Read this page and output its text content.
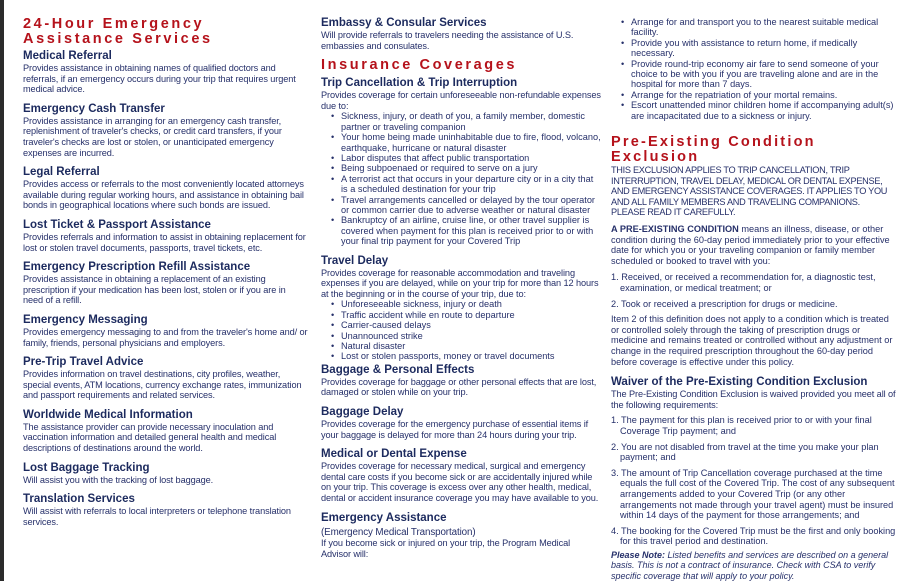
24-Hour Emergency
Assistance Services
Medical Referral
Provides assistance in obtaining names of qualified doctors and referrals, if an emergency occurs during your trip that requires urgent medical advice.
Emergency Cash Transfer
Provides assistance in arranging for an emergency cash transfer, replenishment of traveler's checks, or credit card transfers, if your traveler's checks are lost or stolen, or unanticipated emergency expenses are incurred.
Legal Referral
Provides access or referrals to the most conveniently located attorneys available during regular working hours, and assistance in obtaining bail bonds in geographical locations where such bonds are issued.
Lost Ticket & Passport Assistance
Provides referrals and information to assist in obtaining replacement for lost or stolen travel documents, passports, travel tickets, etc.
Emergency Prescription Refill Assistance
Provides assistance in obtaining a replacement of an existing prescription if your medication has been lost, stolen or if you are in need of a refill.
Emergency Messaging
Provides emergency messaging to and from the traveler's home and/ or family, friends, personal physicians and employers.
Pre-Trip Travel Advice
Provides information on travel destinations, city profiles, weather, special events, ATM locations, currency exchange rates, immunization and passport requirements and related services.
Worldwide Medical Information
The assistance provider can provide necessary inoculation and vaccination information and detailed general health and medical descriptions of destinations around the world.
Lost Baggage Tracking
Will assist you with the tracking of lost baggage.
Translation Services
Will assist with referrals to local interpreters or telephone translation services.
Embassy & Consular Services
Will provide referrals to travelers needing the assistance of U.S. embassies and consulates.
Insurance Coverages
Trip Cancellation & Trip Interruption
Provides coverage for certain unforeseeable non-refundable expenses due to:
• Sickness, injury, or death of you, a family member, domestic partner or traveling companion
• Your home being made uninhabitable due to fire, flood, volcano, earthquake, hurricane or natural disaster
• Labor disputes that affect public transportation
• Being subpoenaed or required to serve on a jury
• A terrorist act that occurs in your departure city or in a city that is a scheduled destination for your trip
• Travel arrangements cancelled or delayed by the tour operator or common carrier due to adverse weather or natural disaster
• Bankruptcy of an airline, cruise line, or other travel supplier is covered when payment for this plan is received prior to or with your final trip payment for your Covered Trip
Travel Delay
Provides coverage for reasonable accommodation and traveling expenses if you are delayed, while on your trip for more than 12 hours at the beginning or in the course of your trip, due to:
• Unforeseeable sickness, injury or death
• Traffic accident while en route to departure
• Carrier-caused delays
• Unannounced strike
• Natural disaster
• Lost or stolen passports, money or travel documents
Baggage & Personal Effects
Provides coverage for baggage or other personal effects that are lost, damaged or stolen while on your trip.
Baggage Delay
Provides coverage for the emergency purchase of essential items if your baggage is delayed for more than 24 hours during your trip.
Medical or Dental Expense
Provides coverage for necessary medical, surgical and emergency dental care costs if you become sick or are accidentally injured while on your trip. This coverage is excess over any other health, medical, dental or accident insurance coverage you may have available to you.
Emergency Assistance
(Emergency Medical Transportation)
If you become sick or injured on your trip, the Program Medical Advisor will:
• Arrange for and transport you to the nearest suitable medical facility.
• Provide you with assistance to return home, if medically necessary.
• Provide round-trip economy air fare to send someone of your choice to be with you if you are traveling alone and are in the hospital for more than 7 days.
• Arrange for the repatriation of your mortal remains.
• Escort unattended minor children home if accompanying adult(s) are incapacitated due to a sickness or injury.
Pre-Existing Condition Exclusion
THIS EXCLUSION APPLIES TO TRIP CANCELLATION, TRIP INTERRUPTION, TRAVEL DELAY, MEDICAL OR DENTAL EXPENSE, AND EMERGENCY ASSISTANCE COVERAGES. IT APPLIES TO YOU AND ALL FAMILY MEMBERS AND TRAVELING COMPANIONS. PLEASE READ IT CAREFULLY.
A PRE-EXISTING CONDITION means an illness, disease, or other condition during the 60-day period immediately prior to your effective date for which you or your traveling companion or family member scheduled or booked to travel with you:
1. Received, or received a recommendation for, a diagnostic test, examination, or medical treatment; or
2. Took or received a prescription for drugs or medicine.
Item 2 of this definition does not apply to a condition which is treated or controlled solely through the taking of prescription drugs or medicine and remains treated or controlled without any adjustment or change in the required prescription throughout the 60-day period before coverage is effective under this policy.
Waiver of the Pre-Existing Condition Exclusion
The Pre-Existing Condition Exclusion is waived provided you meet all of the following requirements:
1. The payment for this plan is received prior to or with your final Coverage Trip payment; and
2. You are not disabled from travel at the time you make your plan payment; and
3. The amount of Trip Cancellation coverage purchased at the time equals the full cost of the Covered Trip. The cost of any subsequent arrangements added to your Covered Trip (or any other arrangements not made through your travel agent) must be insured within 14 days of the payment for those arrangements; and
4. The booking for the Covered Trip must be the first and only booking for this travel period and destination.
Please Note: Listed benefits and services are described on a general basis. This is not a contract of insurance. Check with CSA to verify specific coverage that will apply to your policy.
